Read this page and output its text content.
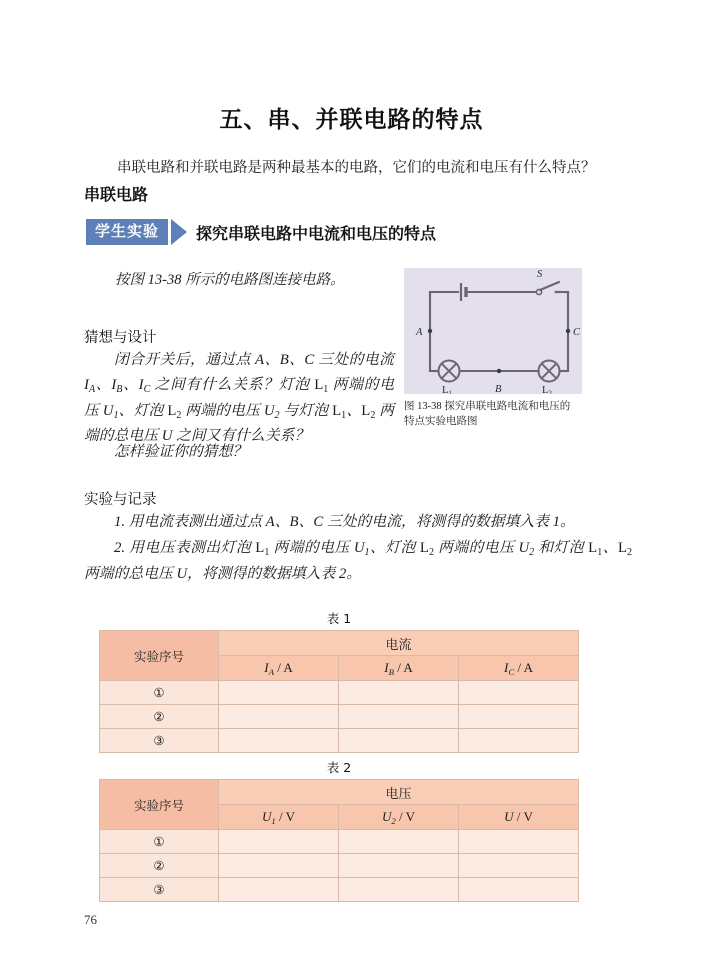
五、串、并联电路的特点

串联电路和并联电路是两种最基本的电路，它们的电流和电压有什么特点？

串联电路
学生实验	探究串联电路中电流和电压的特点
按图 13-38 所示的电路图连接电路。	S
$L_1$	$L_2$
A	C
B
图 13-38 探究串联电路电流和电压的特点实验电路图
猜想与设计
闭合开关后，通过点 A、B、C 三处的电流 $I_A$、$I_B$、$I_C$ 之间有什么关系？灯泡 $L_1$ 两端的电压 $U_1$、灯泡 $L_2$ 两端的电压 $U_2$ 与灯泡 $L_1$、$L_2$ 两端的总电压 U 之间又有什么关系？
怎样验证你的猜想？
实验与记录
1. 用电流表测出通过点 A、B、C 三处的电流，将测得的数据填入表 1。
2. 用电压表测出灯泡 $L_1$ 两端的电压 $U_1$、灯泡 $L_2$ 两端的电压 $U_2$ 和灯泡 $L_1$、$L_2$ 两端的总电压 U，将测得的数据填入表 2。
表 1
实验序号	电流		
	$I_A$ / A	$I_B$ / A	$I_C$ / A
①			
②			
③			
表 2
实验序号	电压		
	$U_1$ / V	$U_2$ / V	U / V
①			
②			
③			
76
